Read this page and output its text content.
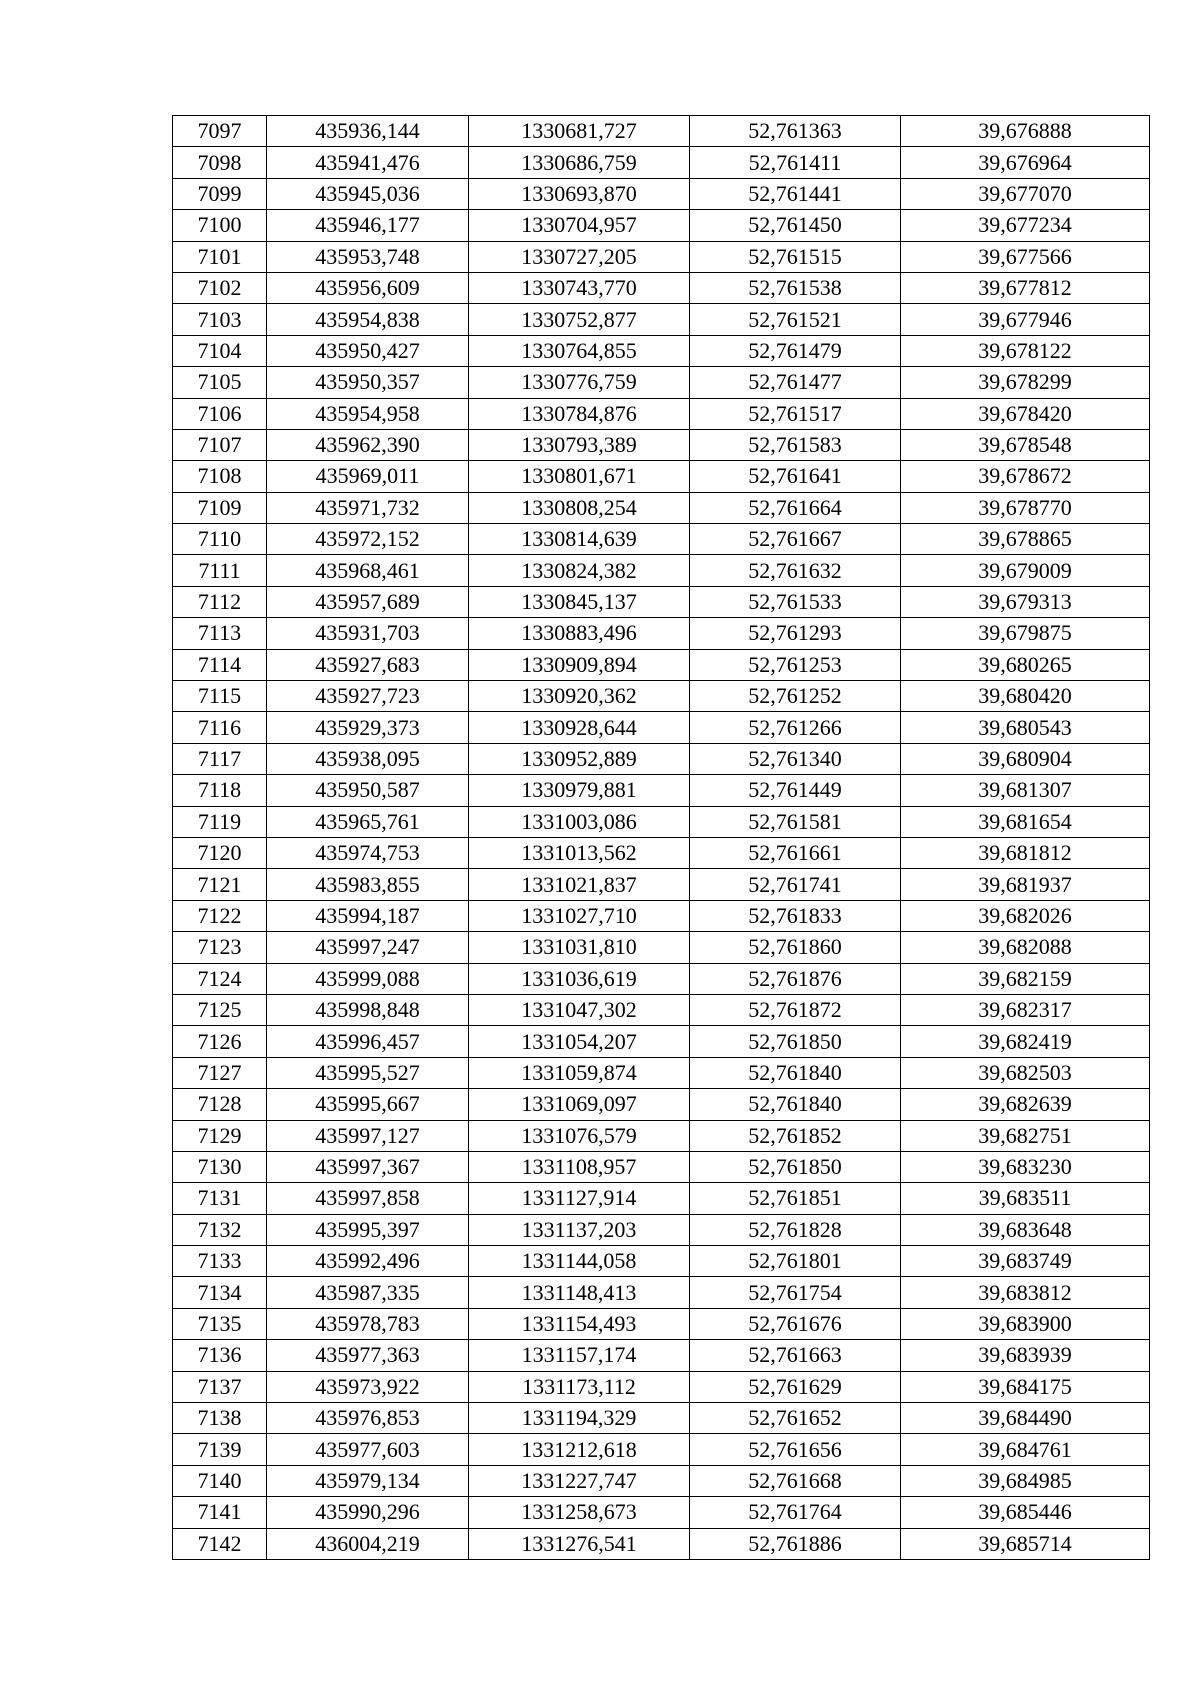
7097	435936,144	1330681,727	52,761363	39,676888
7098	435941,476	1330686,759	52,761411	39,676964
7099	435945,036	1330693,870	52,761441	39,677070
7100	435946,177	1330704,957	52,761450	39,677234
7101	435953,748	1330727,205	52,761515	39,677566
7102	435956,609	1330743,770	52,761538	39,677812
7103	435954,838	1330752,877	52,761521	39,677946
7104	435950,427	1330764,855	52,761479	39,678122
7105	435950,357	1330776,759	52,761477	39,678299
7106	435954,958	1330784,876	52,761517	39,678420
7107	435962,390	1330793,389	52,761583	39,678548
7108	435969,011	1330801,671	52,761641	39,678672
7109	435971,732	1330808,254	52,761664	39,678770
7110	435972,152	1330814,639	52,761667	39,678865
7111	435968,461	1330824,382	52,761632	39,679009
7112	435957,689	1330845,137	52,761533	39,679313
7113	435931,703	1330883,496	52,761293	39,679875
7114	435927,683	1330909,894	52,761253	39,680265
7115	435927,723	1330920,362	52,761252	39,680420
7116	435929,373	1330928,644	52,761266	39,680543
7117	435938,095	1330952,889	52,761340	39,680904
7118	435950,587	1330979,881	52,761449	39,681307
7119	435965,761	1331003,086	52,761581	39,681654
7120	435974,753	1331013,562	52,761661	39,681812
7121	435983,855	1331021,837	52,761741	39,681937
7122	435994,187	1331027,710	52,761833	39,682026
7123	435997,247	1331031,810	52,761860	39,682088
7124	435999,088	1331036,619	52,761876	39,682159
7125	435998,848	1331047,302	52,761872	39,682317
7126	435996,457	1331054,207	52,761850	39,682419
7127	435995,527	1331059,874	52,761840	39,682503
7128	435995,667	1331069,097	52,761840	39,682639
7129	435997,127	1331076,579	52,761852	39,682751
7130	435997,367	1331108,957	52,761850	39,683230
7131	435997,858	1331127,914	52,761851	39,683511
7132	435995,397	1331137,203	52,761828	39,683648
7133	435992,496	1331144,058	52,761801	39,683749
7134	435987,335	1331148,413	52,761754	39,683812
7135	435978,783	1331154,493	52,761676	39,683900
7136	435977,363	1331157,174	52,761663	39,683939
7137	435973,922	1331173,112	52,761629	39,684175
7138	435976,853	1331194,329	52,761652	39,684490
7139	435977,603	1331212,618	52,761656	39,684761
7140	435979,134	1331227,747	52,761668	39,684985
7141	435990,296	1331258,673	52,761764	39,685446
7142	436004,219	1331276,541	52,761886	39,685714
